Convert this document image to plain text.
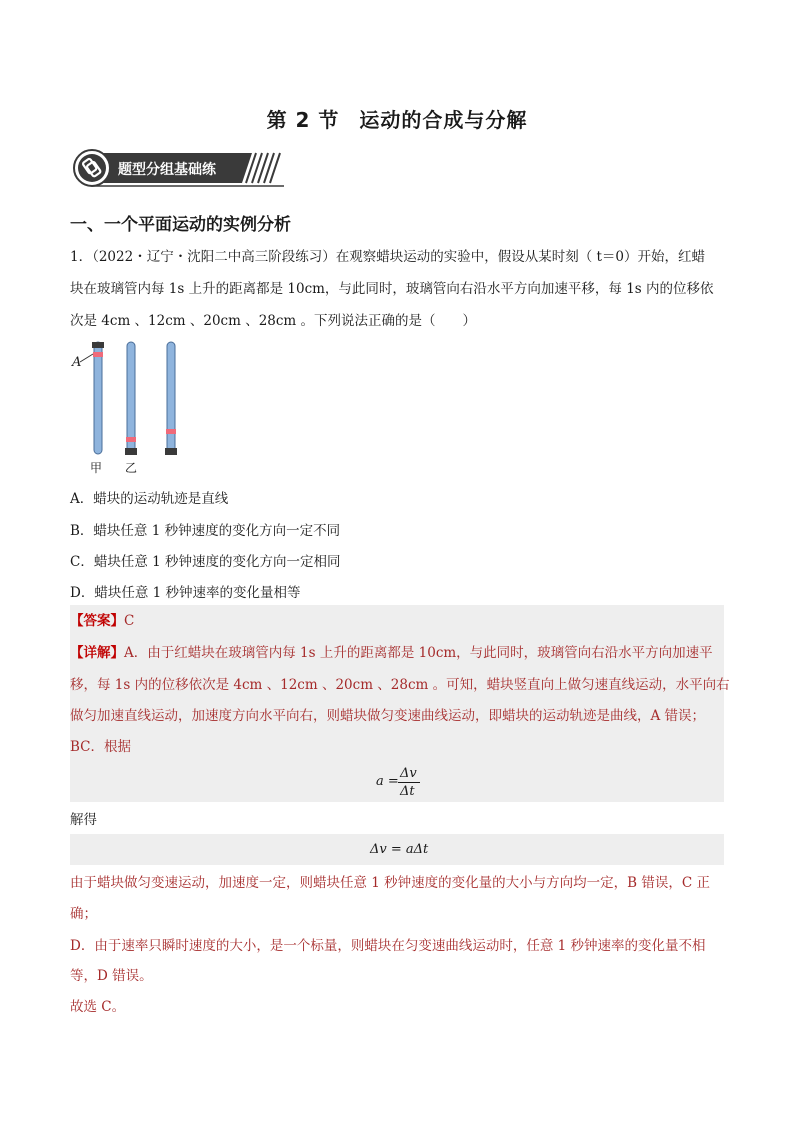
第 2 节 运动的合成与分解
题型分组基础练
一、一个平面运动的实例分析
1．（2022・辽宁・沈阳二中高三阶段练习）在观察蜡块运动的实验中，假设从某时刻（ t＝0）开始，红蜡
块在玻璃管内每 1s 上升的距离都是 10cm，与此同时，玻璃管向右沿水平方向加速平移，每 1s 内的位移依
次是 4cm 、12cm 、20cm 、28cm 。下列说法正确的是（　　）
A
甲 乙
A．蜡块的运动轨迹是直线
B．蜡块任意 1 秒钟速度的变化方向一定不同
C．蜡块任意 1 秒钟速度的变化方向一定相同
D．蜡块任意 1 秒钟速率的变化量相等
【答案】C
【详解】A．由于红蜡块在玻璃管内每 1s 上升的距离都是 10cm，与此同时，玻璃管向右沿水平方向加速平
移，每 1s 内的位移依次是 4cm 、12cm 、20cm 、28cm 。可知，蜡块竖直向上做匀速直线运动，水平向右
做匀加速直线运动，加速度方向水平向右，则蜡块做匀变速曲线运动，即蜡块的运动轨迹是曲线，A 错误；
BC．根据
a =
Δv
Δt
解得
Δv = aΔt
由于蜡块做匀变速运动，加速度一定，则蜡块任意 1 秒钟速度的变化量的大小与方向均一定，B 错误，C 正
确；
D．由于速率只瞬时速度的大小，是一个标量，则蜡块在匀变速曲线运动时，任意 1 秒钟速率的变化量不相
等，D 错误。
故选 C。
